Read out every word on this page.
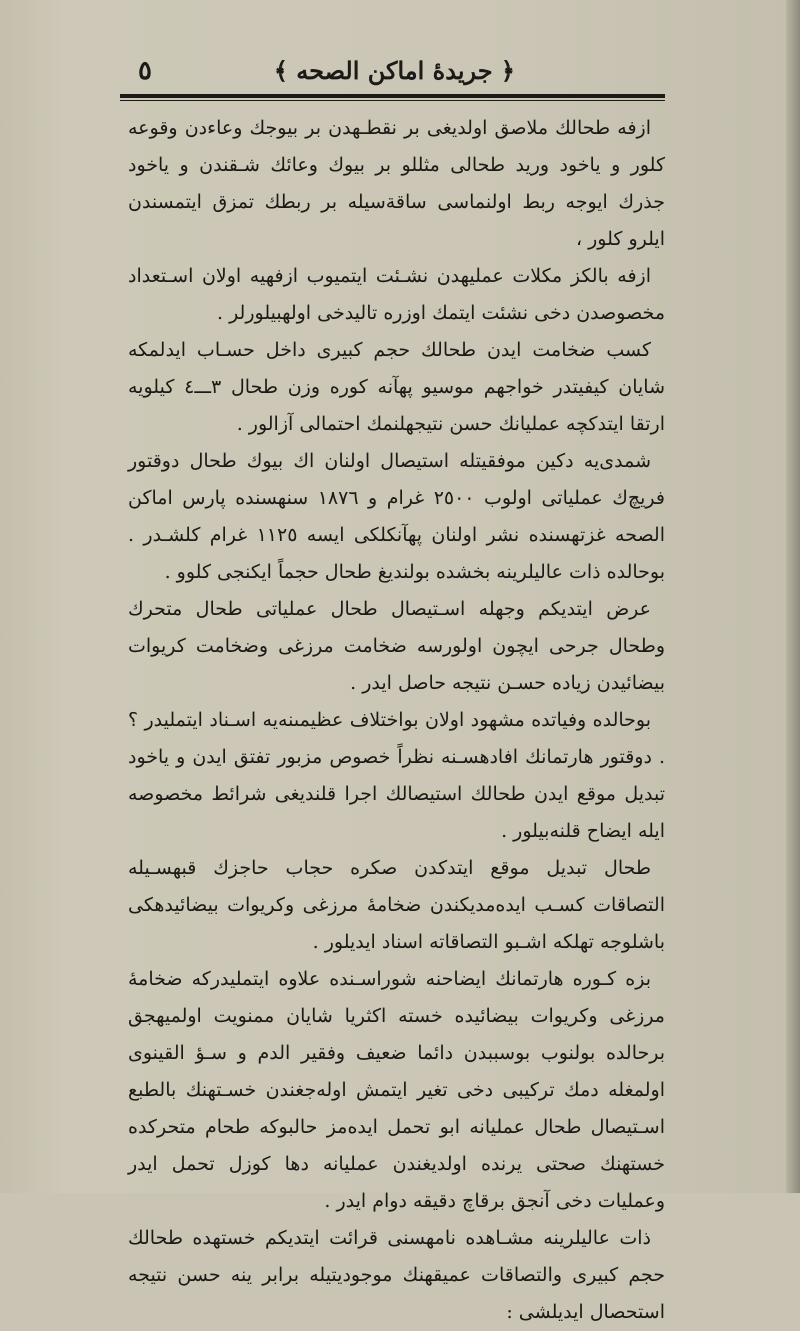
﴿ جريدهٔ اماکن الصحه ﴾
٥

ازفه طحالك ملاصق اولديغى بر نقطـهدن بر بيوجك وعاءدن وقوعه كلور و ياخود وريد طحالى مثللو بر بيوك وعائك شـقندن و ياخود جذرك ايوجه ربط اولنماسى ساقةسيله بر ربطك تمزق ايتمسندن ايلرو كلور ،

ازفه بالكز مكلات عمليهدن نشـئت ايتميوب ازفهيه اولان اسـتعداد مخصوصدن دخى نشئت ايتمك اوزره تاليدخى اولهبيلورلر .

كسب ضخامت ايدن طحالك حجم كبيرى داخل حسـاب ايدلمكه شايان كيفيتدر خواجهم موسيو پهآنه كوره وزن طحال ٣ـــ٤ كيلويه ارتقا ايتدكچه عمليانك حسن نتيجهلنمك احتمالى آزالور .

شمدى‌يه دكين موفقيتله استيصال اولنان اك بيوك طحال دوقتور فريچ‌ك عملياتى اولوب ٢٥٠٠ غرام و ١٨٧٦ سنهسنده پارس اماكن الصحه غزتهسنده نشر اولنان پهآنكلكى ايسه ١١٢٥ غرام كلشـدر . بوحالده ذات عاليلرينه بخشده بولنديغ طحال حجماً ايكنجى كلوو .

عرض ايتديكم وجهله اسـتيصال طحال عملياتى طحال متحرك وطحال جرحى ايچون اولورسه ضخامت مرزغى وضخامت كريوات بيضائيدن زياده حسـن نتيجه حاصل ايدر .

بوحالده وفياتده مشهود اولان بواختلاف عظيمىنه‌يه اسـناد ايتمليدر ؟ . دوقتور هارتمانك افادهسـنه نظراً خصوص مزبور تفتق ايدن و ياخود تبديل موقع ايدن طحالك استيصالك اجرا قلنديغى شرائط مخصوصه ايله ايضاح قلنه‌بيلور .

طحال تبديل موقع ايتدكدن صكره حجاب حاجزك قبهسـيله التصاقات كسـب ايده‌مديكندن ضخامهٔ مرزغى وكريوات بيضائيدهكى باشلوجه تهلكه اشـبو التصاقاته اسناد ايديلور .

بزه كـوره هارتمانك ايضاحنه شوراسـنده علاوه ايتمليدركه ضخامهٔ مرزغى وكريوات بيضائيده خسته اكثريا شايان ممنويت اولميهجق برحالده بولنوب بوسببدن دائما ضعيف وفقير الدم و سـؤ القينوى اولمغله دمك تركيبى دخى تغير ايتمش اوله‌جغندن خسـتهنك بالطبع اسـتيصال طحال عمليانه ابو تحمل ايده‌مز حالبوكه طحام متحركده خستهنك صحتى يرنده اولديغندن عمليانه دها كوزل تحمل ايدر وعمليات دخى آنجق برقاچ دقيقه دوام ايدر .

ذات عاليلرينه مشـاهده نامهسنى قرائت ايتديكم خستهده طحالك حجم كبيرى والتصاقات عميقهنك موجوديتيله برابر ينه حسن نتيجه استحصال ايديلشى :
